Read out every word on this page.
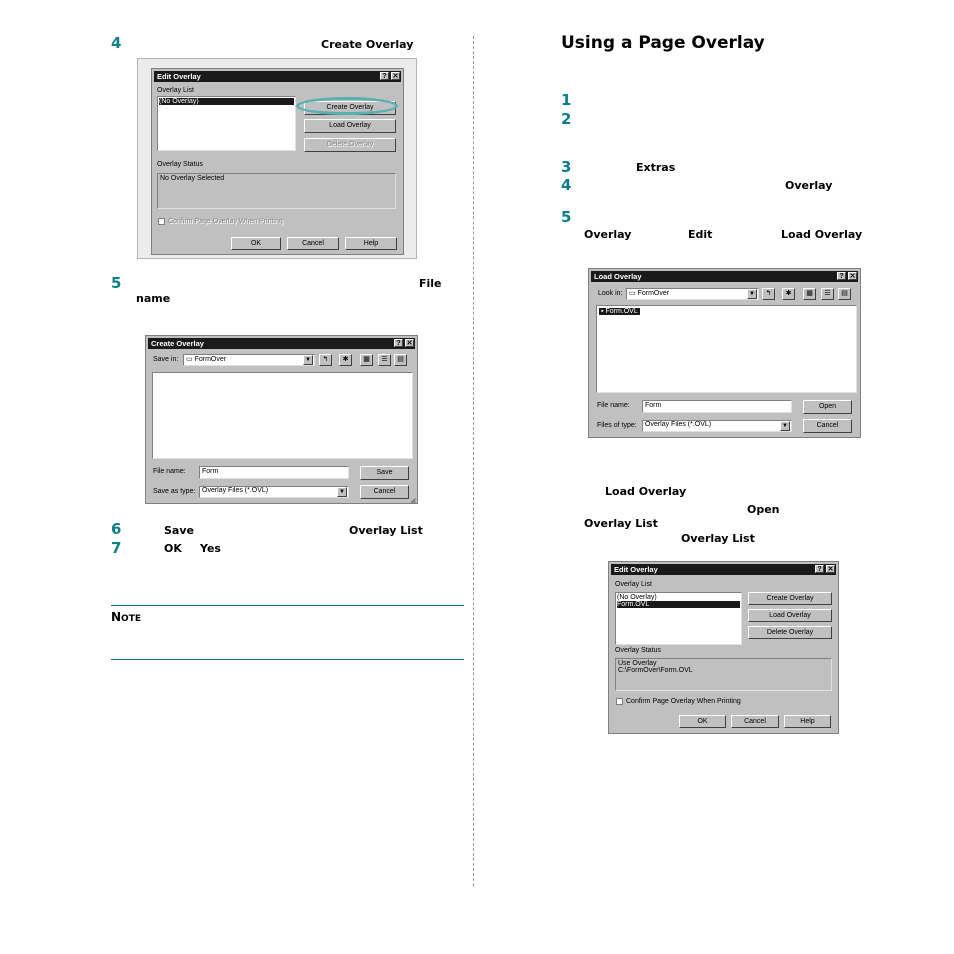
4	Create Overlay
Edit Overlay	? ✕
Overlay List
(No Overlay)
Create Overlay
Load Overlay
Delete Overlay
Overlay Status
No Overlay Selected
Confirm Page Overlay When Printing
OK	Cancel	Help
5	File
name
Create Overlay	? ✕
Save in:	▭ FormOver	▼	↰	✱	▦	☰	▤
File name:	Form	Save
Save as type: Overlay Files (*.OVL)	▼	Cancel
◢
6	Save	Overlay List
7	OK Yes
NOTE
Using a Page Overlay
1
2
3	Extras
4	Overlay
5
Overlay	Edit	Load Overlay
Load Overlay	? ✕
Look in: ▭ FormOver	▼	↰	✱	▦	☰	▤
▪ Form.OVL
File name:	Form	Open
Files of type:	Overlay Files (*.OVL)	▼	Cancel
Load Overlay
Open
Overlay List
Overlay List
Edit Overlay	? ✕
Overlay List
(No Overlay)
Form.OVL
Create Overlay
Load Overlay
Delete Overlay
Overlay Status
Use Overlay
C:\FormOver\Form.OVL
Confirm Page Overlay When Printing
OK	Cancel	Help
